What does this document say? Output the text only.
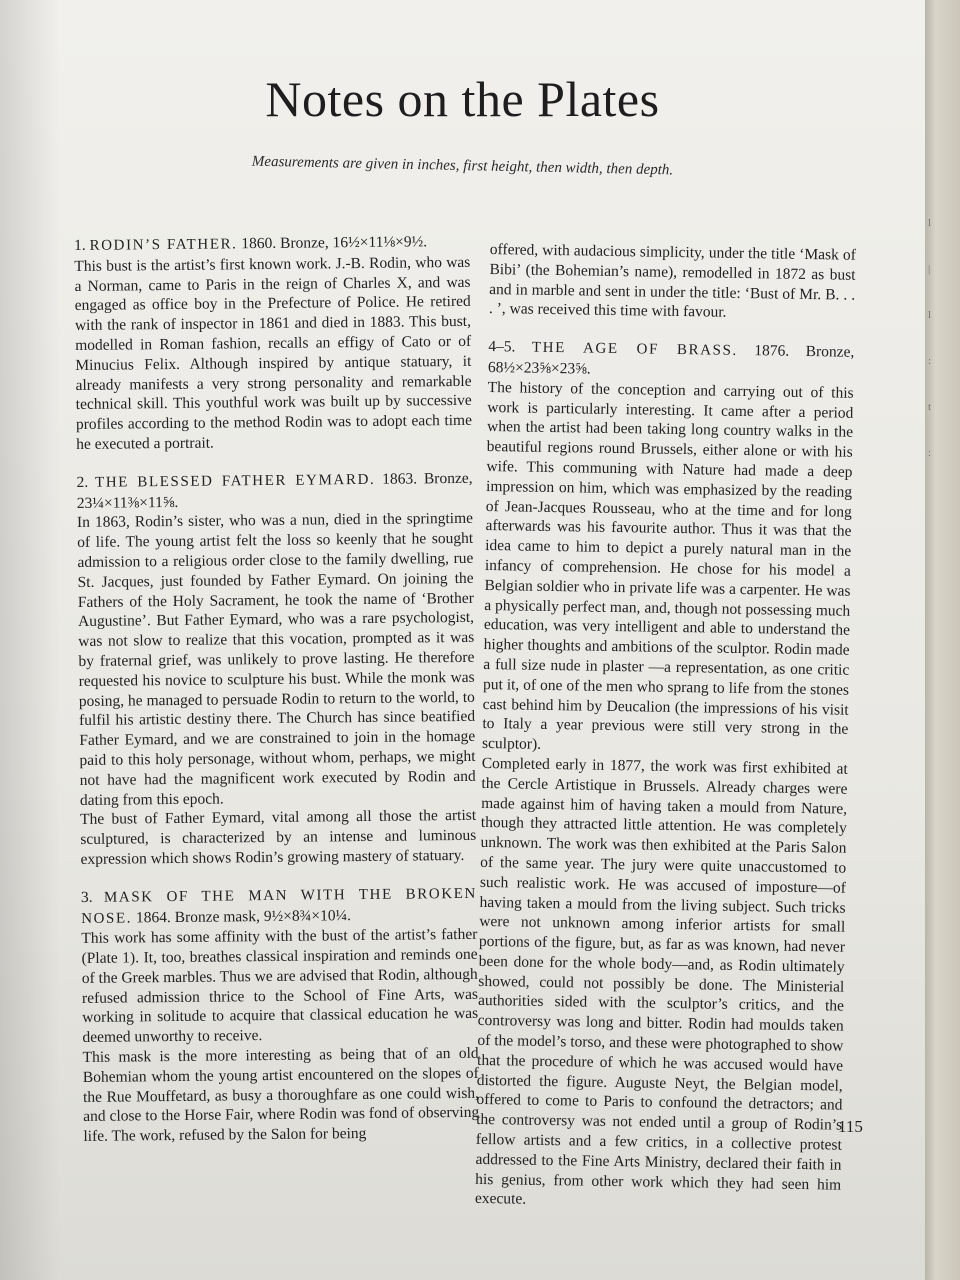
Notes on the Plates
Measurements are given in inches, first height, then width, then depth.
1. RODIN’S FATHER. 1860. Bronze, 16½×11⅛×9½.

This bust is the artist’s first known work. J.-B. Rodin, who was a Norman, came to Paris in the reign of Charles X, and was engaged as office boy in the Prefecture of Police. He retired with the rank of inspector in 1861 and died in 1883. This bust, modelled in Roman fashion, recalls an effigy of Cato or of Minucius Felix. Although inspired by antique statuary, it already manifests a very strong personality and remarkable technical skill. This youthful work was built up by successive profiles according to the method Rodin was to adopt each time he executed a portrait.

2. THE BLESSED FATHER EYMARD. 1863. Bronze, 23¼×11⅜×11⅝.

In 1863, Rodin’s sister, who was a nun, died in the springtime of life. The young artist felt the loss so keenly that he sought admission to a religious order close to the family dwelling, rue St. Jacques, just founded by Father Eymard. On joining the Fathers of the Holy Sacrament, he took the name of ‘Brother Augustine’. But Father Eymard, who was a rare psychologist, was not slow to realize that this vocation, prompted as it was by fraternal grief, was unlikely to prove lasting. He therefore requested his novice to sculpture his bust. While the monk was posing, he managed to persuade Rodin to return to the world, to fulfil his artistic destiny there. The Church has since beatified Father Eymard, and we are constrained to join in the homage paid to this holy personage, without whom, perhaps, we might not have had the magnificent work executed by Rodin and dating from this epoch.

The bust of Father Eymard, vital among all those the artist sculptured, is characterized by an intense and luminous expression which shows Rodin’s growing mastery of statuary.

3. MASK OF THE MAN WITH THE BROKEN NOSE. 1864. Bronze mask, 9½×8¾×10¼.

This work has some affinity with the bust of the artist’s father (Plate 1). It, too, breathes classical inspiration and reminds one of the Greek marbles. Thus we are advised that Rodin, although refused admission thrice to the School of Fine Arts, was working in solitude to acquire that classical education he was deemed unworthy to receive.

This mask is the more interesting as being that of an old Bohemian whom the young artist encountered on the slopes of the Rue Mouffetard, as busy a thoroughfare as one could wish, and close to the Horse Fair, where Rodin was fond of observing life. The work, refused by the Salon for being

offered, with audacious simplicity, under the title ‘Mask of Bibi’ (the Bohemian’s name), remodelled in 1872 as bust and in marble and sent in under the title: ‘Bust of Mr. B. . . . ’, was received this time with favour.

4–5. THE AGE OF BRASS. 1876. Bronze, 68½×23⅝×23⅝.

The history of the conception and carrying out of this work is particularly interesting. It came after a period when the artist had been taking long country walks in the beautiful regions round Brussels, either alone or with his wife. This communing with Nature had made a deep impression on him, which was emphasized by the reading of Jean-Jacques Rousseau, who at the time and for long afterwards was his favourite author. Thus it was that the idea came to him to depict a purely natural man in the infancy of comprehension. He chose for his model a Belgian soldier who in private life was a carpenter. He was a physically perfect man, and, though not possessing much education, was very intelligent and able to understand the higher thoughts and ambitions of the sculptor. Rodin made a full size nude in plaster —a representation, as one critic put it, of one of the men who sprang to life from the stones cast behind him by Deucalion (the impressions of his visit to Italy a year previous were still very strong in the sculptor).

Completed early in 1877, the work was first exhibited at the Cercle Artistique in Brussels. Already charges were made against him of having taken a mould from Nature, though they attracted little attention. He was completely unknown. The work was then exhibited at the Paris Salon of the same year. The jury were quite unaccustomed to such realistic work. He was accused of imposture—of having taken a mould from the living subject. Such tricks were not unknown among inferior artists for small portions of the figure, but, as far as was known, had never been done for the whole body—and, as Rodin ultimately showed, could not possibly be done. The Ministerial authorities sided with the sculptor’s critics, and the controversy was long and bitter. Rodin had moulds taken of the model’s torso, and these were photographed to show that the procedure of which he was accused would have distorted the figure. Auguste Neyt, the Belgian model, offered to come to Paris to confound the detractors; and the controversy was not ended until a group of Rodin’s fellow artists and a few critics, in a collective protest addressed to the Fine Arts Ministry, declared their faith in his genius, from other work which they had seen him execute.

115
l
|
l
:
t
:
